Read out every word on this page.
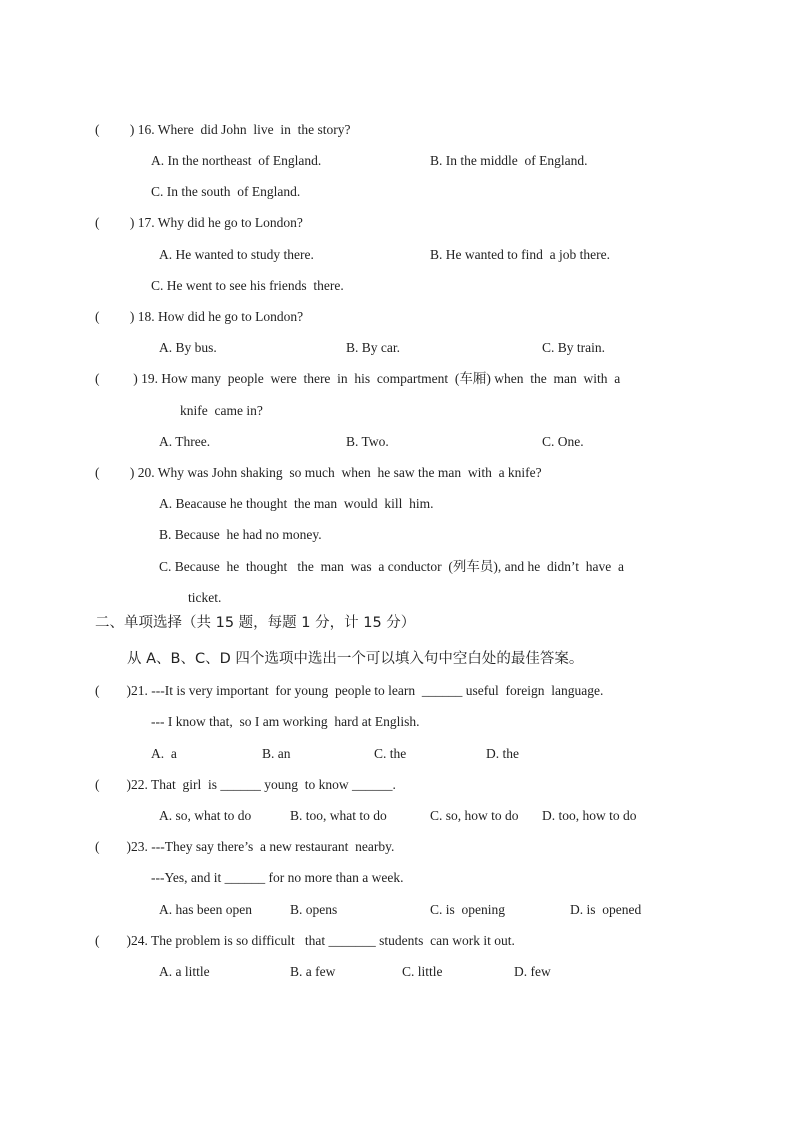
(         ) 16. Where  did John  live  in  the story?
A. In the northeast  of England.	B. In the middle  of England.
C. In the south  of England.
(         ) 17. Why did he go to London?
A. He wanted to study there.	B. He wanted to find  a job there.
C. He went to see his friends  there.
(         ) 18. How did he go to London?
A. By bus.	B. By car.	C. By train.
(          ) 19. How many  people  were  there  in  his  compartment  (车厢) when  the  man  with  a
knife  came in?
A. Three.	B. Two.	C. One.
(         ) 20. Why was John shaking  so much  when  he saw the man  with  a knife?
A. Beacause he thought  the man  would  kill  him.
B. Because  he had no money.
C. Because  he  thought   the  man  was  a conductor  (列车员), and he  didn’t  have  a
ticket.
二、单项选择（共 15 题，每题 1 分，计 15 分）
从 A、B、C、D 四个选项中选出一个可以填入句中空白处的最佳答案。
(        )21. ---It is very important  for young  people to learn  ______ useful  foreign  language.
--- I know that,  so I am working  hard at English.
A.  a	B. an	C. the	D. the
(        )22. That  girl  is ______ young  to know ______.
A. so, what to do	B. too, what to do	C. so, how to do D. too, how to do
(        )23. ---They say there’s  a new restaurant  nearby.
---Yes, and it ______ for no more than a week.
A. has been open	B. opens	C. is  opening	D. is  opened
(        )24. The problem is so difficult   that _______ students  can work it out.
A. a little	B. a few	C. little	D. few
